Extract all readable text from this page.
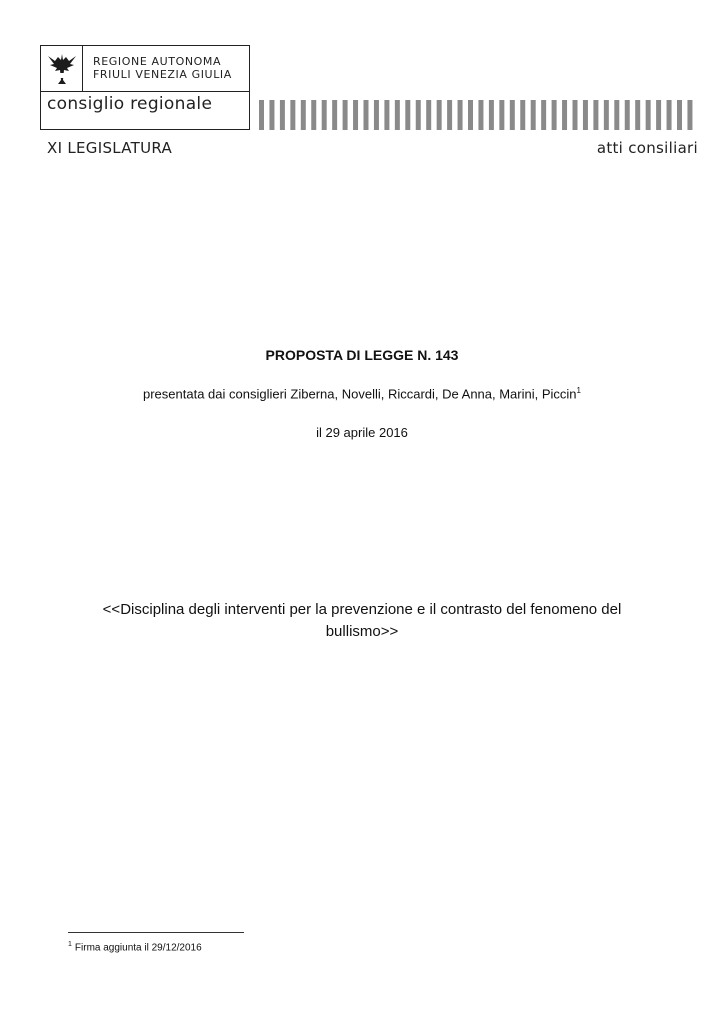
REGIONE AUTONOMA
FRIULI VENEZIA GIULIA
consiglio regionale
XI LEGISLATURA	atti consiliari
PROPOSTA DI LEGGE N. 143
presentata dai consiglieri Ziberna, Novelli, Riccardi, De Anna, Marini, Piccin$^1$
il 29 aprile 2016
<<Disciplina degli interventi per la prevenzione e il contrasto del fenomeno del bullismo>>
$^1$ Firma aggiunta il 29/12/2016
